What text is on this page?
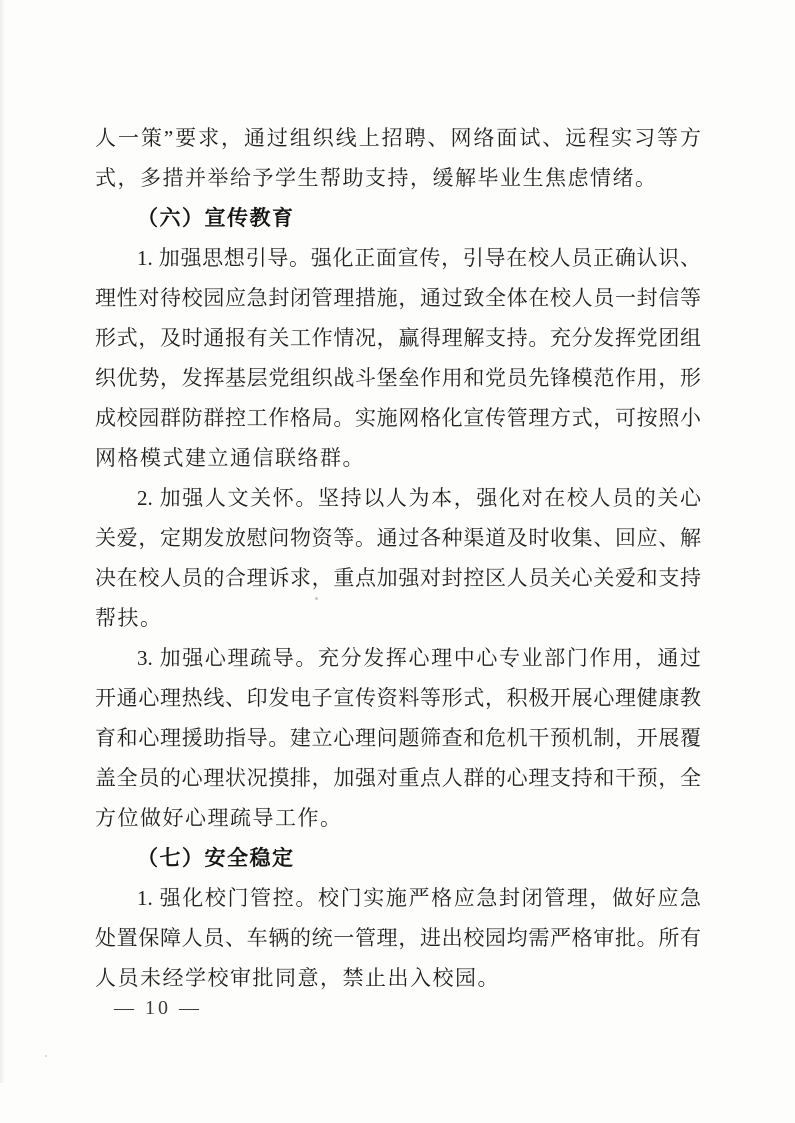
人一策”要求，通过组织线上招聘、网络面试、远程实习等方
式，多措并举给予学生帮助支持，缓解毕业生焦虑情绪。
（六）宣传教育
1. 加强思想引导。强化正面宣传，引导在校人员正确认识、
理性对待校园应急封闭管理措施，通过致全体在校人员一封信等
形式，及时通报有关工作情况，赢得理解支持。充分发挥党团组
织优势，发挥基层党组织战斗堡垒作用和党员先锋模范作用，形
成校园群防群控工作格局。实施网格化宣传管理方式，可按照小
网格模式建立通信联络群。
2. 加强人文关怀。坚持以人为本，强化对在校人员的关心
关爱，定期发放慰问物资等。通过各种渠道及时收集、回应、解
决在校人员的合理诉求，重点加强对封控区人员关心关爱和支持
帮扶。
3. 加强心理疏导。充分发挥心理中心专业部门作用，通过
开通心理热线、印发电子宣传资料等形式，积极开展心理健康教
育和心理援助指导。建立心理问题筛查和危机干预机制，开展覆
盖全员的心理状况摸排，加强对重点人群的心理支持和干预，全
方位做好心理疏导工作。
（七）安全稳定
1. 强化校门管控。校门实施严格应急封闭管理，做好应急
处置保障人员、车辆的统一管理，进出校园均需严格审批。所有
人员未经学校审批同意，禁止出入校园。
— 10 —
